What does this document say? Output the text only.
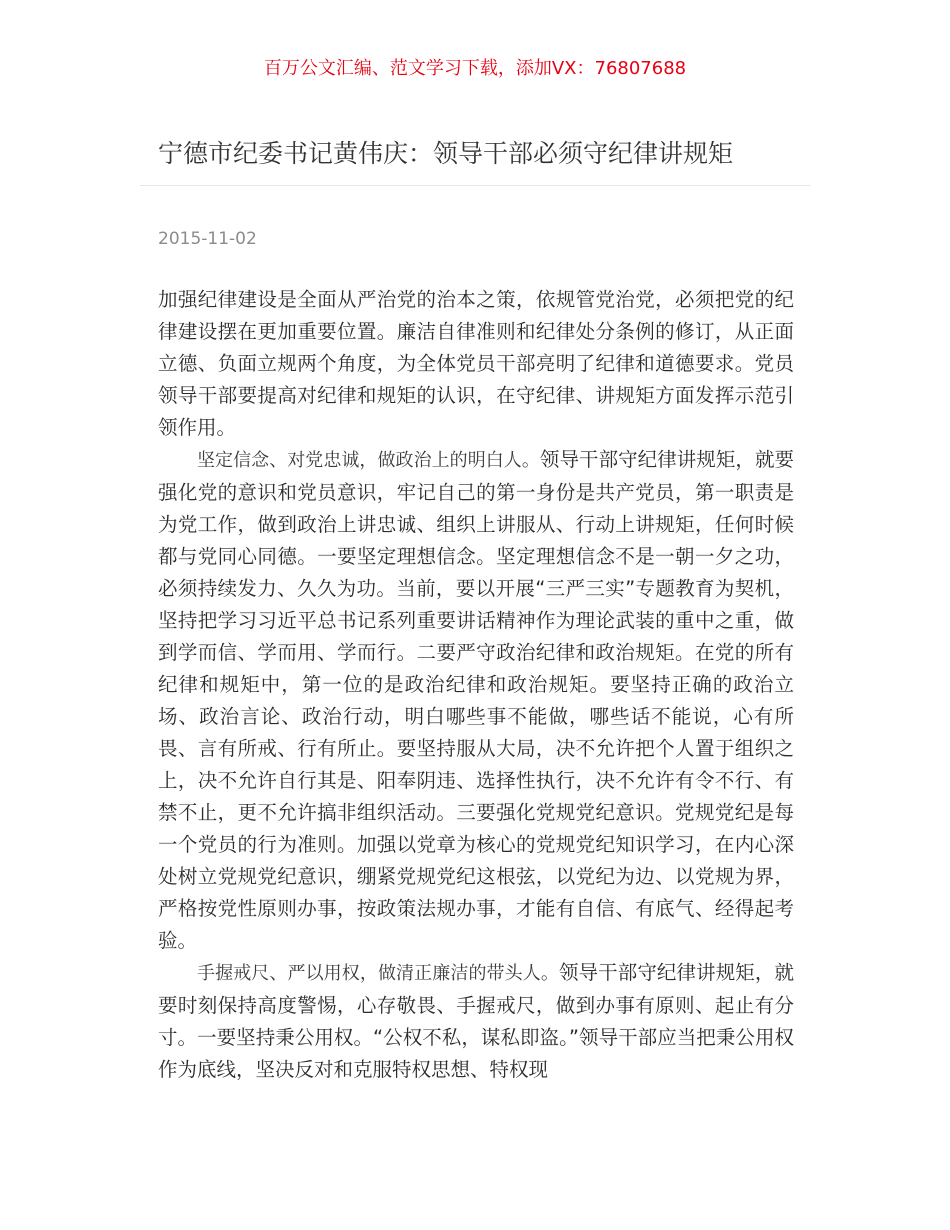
百万公文汇编、范文学习下载，添加VX：76807688
宁德市纪委书记黄伟庆：领导干部必须守纪律讲规矩
2015-11-02

加强纪律建设是全面从严治党的治本之策，依规管党治党，必须把党的纪律建设摆在更加重要位置。廉洁自律准则和纪律处分条例的修订，从正面立德、负面立规两个角度，为全体党员干部亮明了纪律和道德要求。党员领导干部要提高对纪律和规矩的认识，在守纪律、讲规矩方面发挥示范引领作用。

坚定信念、对党忠诚，做政治上的明白人。领导干部守纪律讲规矩，就要强化党的意识和党员意识，牢记自己的第一身份是共产党员，第一职责是为党工作，做到政治上讲忠诚、组织上讲服从、行动上讲规矩，任何时候都与党同心同德。一要坚定理想信念。坚定理想信念不是一朝一夕之功，必须持续发力、久久为功。当前，要以开展“三严三实”专题教育为契机，坚持把学习习近平总书记系列重要讲话精神作为理论武装的重中之重，做到学而信、学而用、学而行。二要严守政治纪律和政治规矩。在党的所有纪律和规矩中，第一位的是政治纪律和政治规矩。要坚持正确的政治立场、政治言论、政治行动，明白哪些事不能做，哪些话不能说，心有所畏、言有所戒、行有所止。要坚持服从大局，决不允许把个人置于组织之上，决不允许自行其是、阳奉阴违、选择性执行，决不允许有令不行、有禁不止，更不允许搞非组织活动。三要强化党规党纪意识。党规党纪是每一个党员的行为准则。加强以党章为核心的党规党纪知识学习，在内心深处树立党规党纪意识，绷紧党规党纪这根弦，以党纪为边、以党规为界，严格按党性原则办事，按政策法规办事，才能有自信、有底气、经得起考验。

手握戒尺、严以用权，做清正廉洁的带头人。领导干部守纪律讲规矩，就要时刻保持高度警惕，心存敬畏、手握戒尺，做到办事有原则、起止有分寸。一要坚持秉公用权。“公权不私，谋私即盗。”领导干部应当把秉公用权作为底线，坚决反对和克服特权思想、特权现
